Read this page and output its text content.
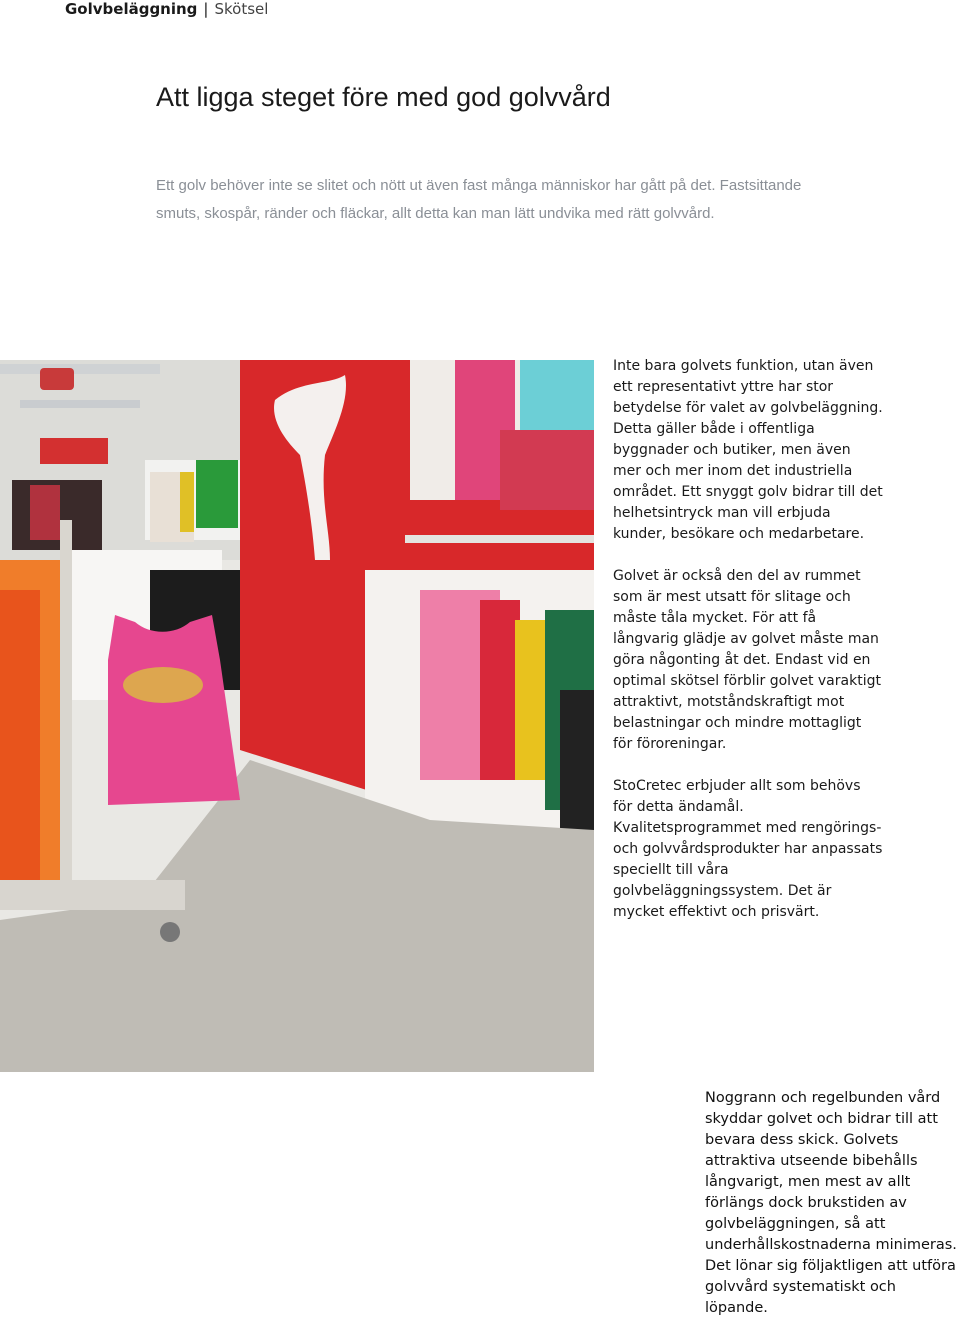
Golvbeläggning | Skötsel
Att ligga steget före med god golvvård

Ett golv behöver inte se slitet och nött ut även fast många människor har gått på det. Fastsittande smuts, skospår, ränder och fläckar, allt detta kan man lätt undvika med rätt golvvård.

Inte bara golvets funktion, utan även ett representativt yttre har stor betydelse för valet av golvbeläggning. Detta gäller både i offentliga byggnader och butiker, men även mer och mer inom det industriella området. Ett snyggt golv bidrar till det helhetsintryck man vill erbjuda kunder, besökare och medarbetare.

Golvet är också den del av rummet som är mest utsatt för slitage och måste tåla mycket. För att få långvarig glädje av golvet måste man göra någonting åt det. Endast vid en optimal skötsel förblir golvet varaktigt attraktivt, motståndskraftigt mot belastningar och mindre mottagligt för föroreningar.

StoCretec erbjuder allt som behövs för detta ändamål. Kvalitetsprogrammet med rengörings- och golvvårdsprodukter har anpassats speciellt till våra golvbeläggningssystem. Det är mycket effektivt och prisvärt.

Noggrann och regelbunden vård skyddar golvet och bidrar till att bevara dess skick. Golvets attraktiva utseende bibehålls långvarigt, men mest av allt förlängs dock brukstiden av golvbeläggningen, så att underhållskostnaderna minimeras. Det lönar sig följaktligen att utföra golvvård systematiskt och löpande.
